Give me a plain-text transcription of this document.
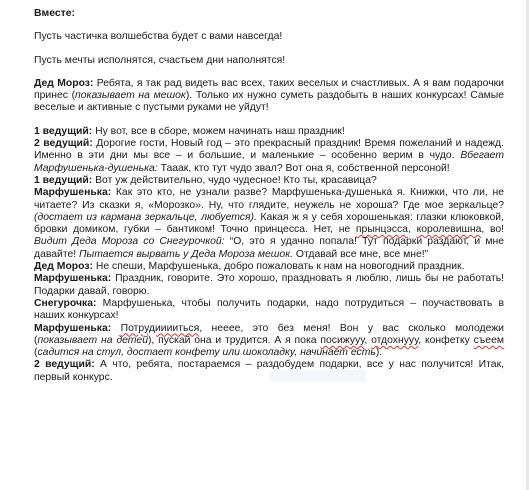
Вместе:

Пусть частичка волшебства будет с вами навсегда!

Пусть мечты исполнятся, счастьем дни наполнятся!

Дед Мороз: Ребята, я так рад видеть вас всех, таких веселых и счастливых. А я вам подарочки принес (показывает на мешок). Только их нужно суметь раздобыть в наших конкурсах! Самые веселые и активные с пустыми руками не уйдут!

1 ведущий: Ну вот, все в сборе, можем начинать наш праздник!

2 ведущий: Дорогие гости, Новый год – это прекрасный праздник! Время пожеланий и надежд. Именно в эти дни мы все – и большие, и маленькие – особенно верим в чудо. Вбегает Марфушенька-душенька: Тааак, кто тут чудо звал? Вот она я, собственной персоной!

1 ведущий: Вот уж действительно, чудо чудесное! Кто ты, красавица?

Марфушенька: Как это кто, не узнали разве? Марфушенька-душенька я. Книжки, что ли, не читаете? Из сказки я, «Морозко». Ну, что глядите, неужель не хороша? Где мое зеркальце? (достает из кармана зеркальце, любуется). Какая ж я у себя хорошенькая: глазки клюковкой, бровки домиком, губки – бантиком! Точно принцесса. Нет, не прынцэсса, королевишна, во! Видит Деда Мороза со Снегурочкой: “О, это я удачно попала! Тут подарки раздают, и мне давайте! Пытается вырвать у Деда Мороза мешок. Отдавай все мне, все мне!”

Дед Мороз: Не спеши, Марфушенька, добро пожаловать к нам на новогодний праздник.

Марфушенька: Праздник, говорите. Это хорошо, праздновать я люблю, лишь бы не работать! Подарки давай, говорю.

Снегурочка: Марфушенька, чтобы получить подарки, надо потрудиться – поучаствовать в наших конкурсах!

Марфушенька: Потрудииииться, нееее, это без меня! Вон у вас сколько молодежи (показывает на детей), пускай она и трудится. А я пока посижууу, отдохнууу, конфетку съеем (садится на стул, достает конфету или шоколадку, начинает есть).

2 ведущий: А что, ребята, постараемся – раздобудем подарки, все у нас получится! Итак, первый конкурс.
